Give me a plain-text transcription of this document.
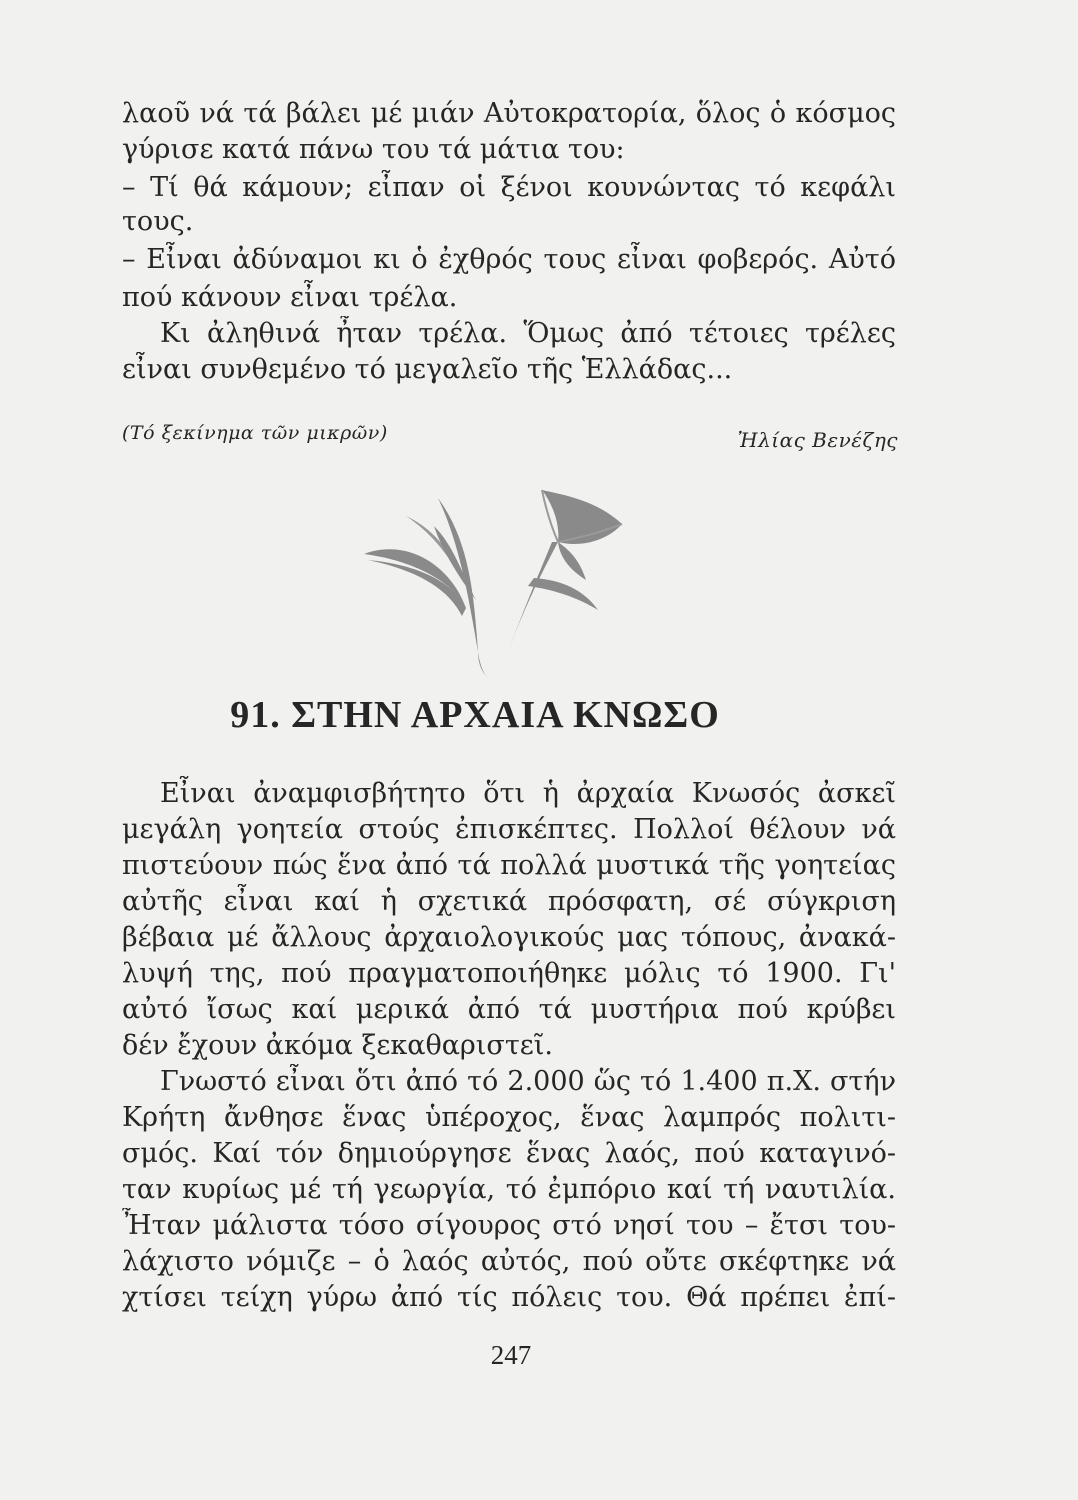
λαοῦ νά τά βάλει μέ μιάν Αὐτοκρατορία, ὅλος ὁ κόσμος
γύρισε κατά πάνω του τά μάτια του:
– Τί θά κάμουν; εἶπαν οἱ ξένοι κουνώντας τό κεφάλι
τους.
– Εἶναι ἀδύναμοι κι ὁ ἐχθρός τους εἶναι φοβερός. Αὐτό
πού κάνουν εἶναι τρέλα.
Κι ἀληθινά ἦταν τρέλα. Ὅμως ἀπό τέτοιες τρέλες
εἶναι συνθεμένο τό μεγαλεῖο τῆς Ἑλλάδας...
(Τό ξεκίνημα τῶν μικρῶν)	Ἠλίας Βενέζης
91. ΣΤΗΝ ΑΡΧΑΙΑ ΚΝΩΣΟ
Εἶναι ἀναμφισβήτητο ὅτι ἡ ἀρχαία Κνωσός ἀσκεῖ
μεγάλη γοητεία στούς ἐπισκέπτες. Πολλοί θέλουν νά
πιστεύουν πώς ἕνα ἀπό τά πολλά μυστικά τῆς γοητείας
αὐτῆς εἶναι καί ἡ σχετικά πρόσφατη, σέ σύγκριση
βέβαια μέ ἄλλους ἀρχαιολογικούς μας τόπους, ἀνακά-
λυψή της, πού πραγματοποιήθηκε μόλις τό 1900. Γι'
αὐτό ἴσως καί μερικά ἀπό τά μυστήρια πού κρύβει
δέν ἔχουν ἀκόμα ξεκαθαριστεῖ.
Γνωστό εἶναι ὅτι ἀπό τό 2.000 ὥς τό 1.400 π.Χ. στήν
Κρήτη ἄνθησε ἕνας ὑπέροχος, ἕνας λαμπρός πολιτι-
σμός. Καί τόν δημιούργησε ἕνας λαός, πού καταγινό-
ταν κυρίως μέ τή γεωργία, τό ἐμπόριο καί τή ναυτιλία.
Ἦταν μάλιστα τόσο σίγουρος στό νησί του – ἔτσι του-
λάχιστο νόμιζε – ὁ λαός αὐτός, πού οὔτε σκέφτηκε νά
χτίσει τείχη γύρω ἀπό τίς πόλεις του. Θά πρέπει ἐπί-
247
